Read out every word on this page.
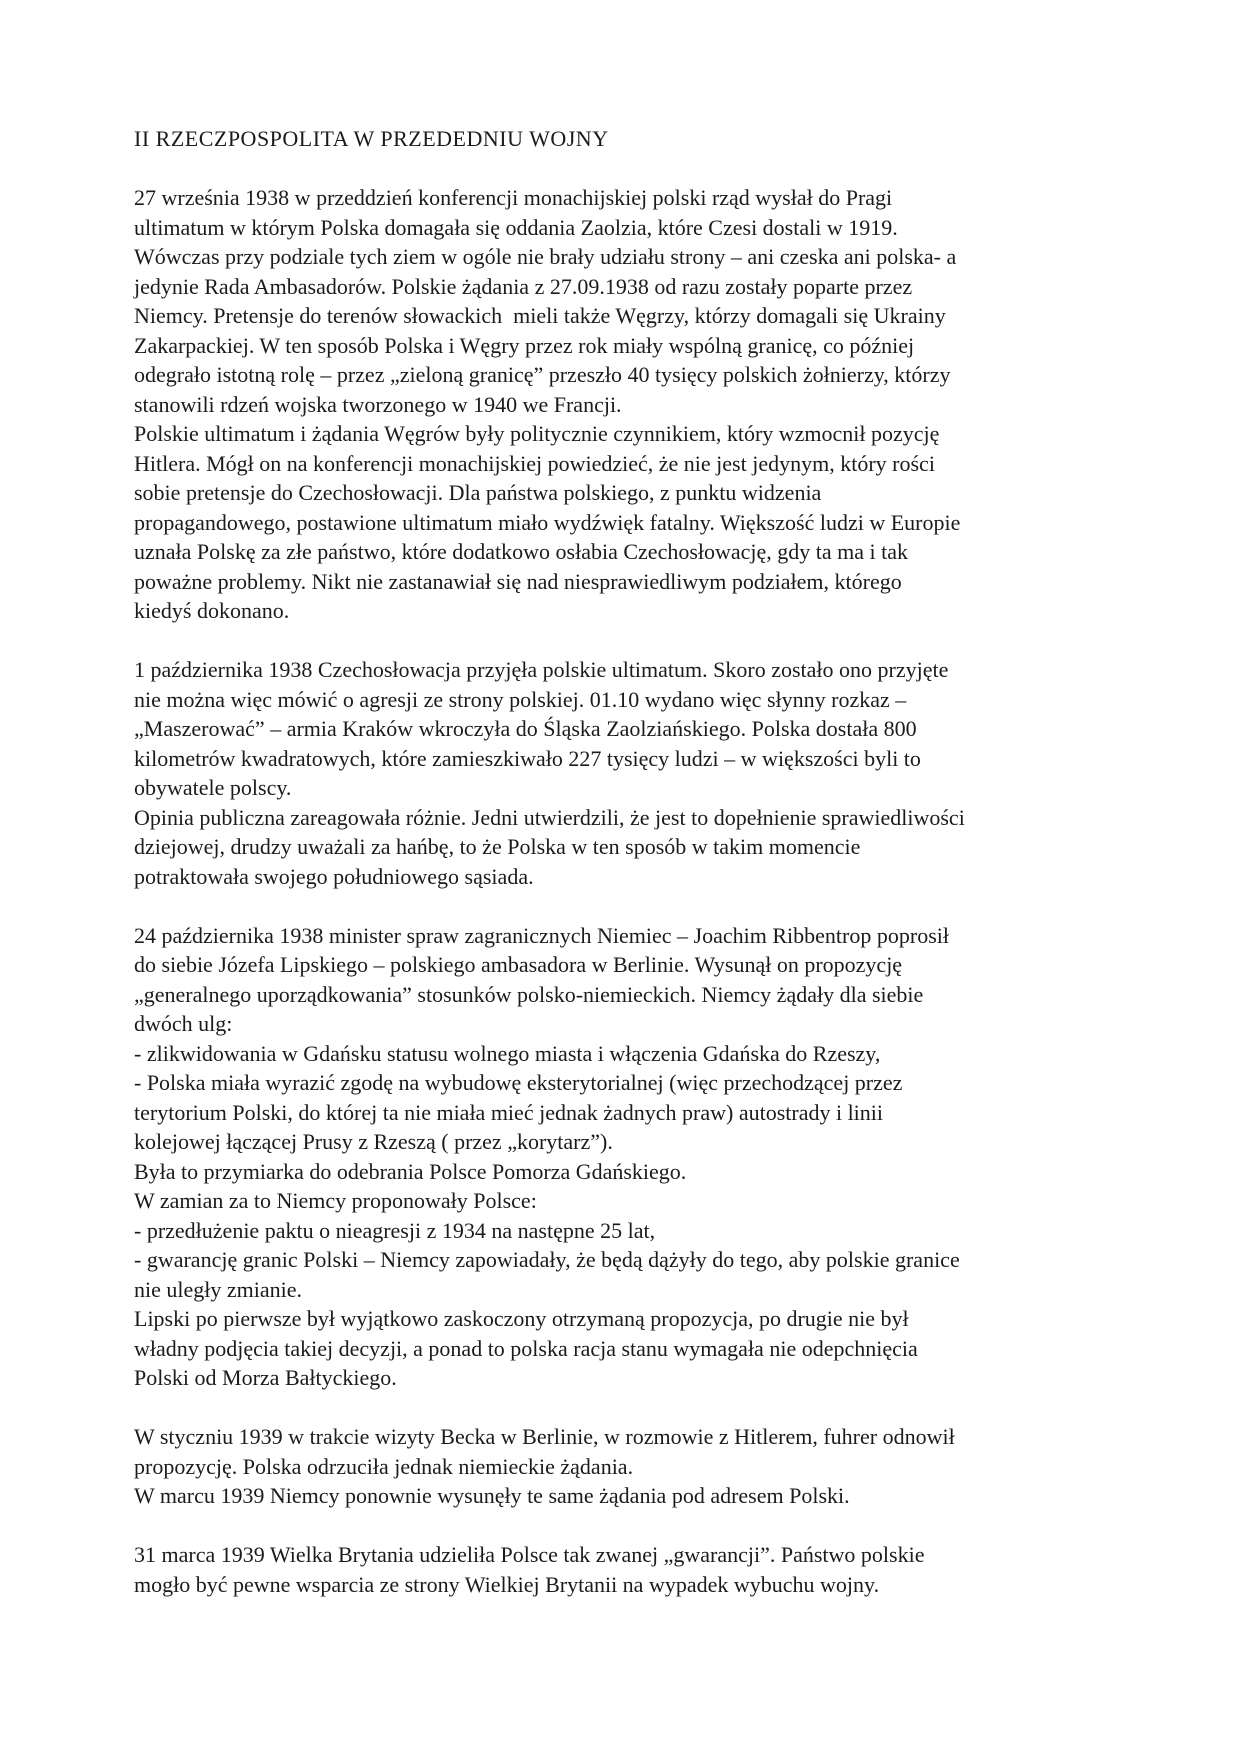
II RZECZPOSPOLITA W PRZEDEDNIU WOJNY
27 września 1938 w przeddzień konferencji monachijskiej polski rząd wysłał do Pragi
ultimatum w którym Polska domagała się oddania Zaolzia, które Czesi dostali w 1919.
Wówczas przy podziale tych ziem w ogóle nie brały udziału strony – ani czeska ani polska- a
jedynie Rada Ambasadorów. Polskie żądania z 27.09.1938 od razu zostały poparte przez
Niemcy. Pretensje do terenów słowackich  mieli także Węgrzy, którzy domagali się Ukrainy
Zakarpackiej. W ten sposób Polska i Węgry przez rok miały wspólną granicę, co później
odegrało istotną rolę – przez „zieloną granicę” przeszło 40 tysięcy polskich żołnierzy, którzy
stanowili rdzeń wojska tworzonego w 1940 we Francji.
Polskie ultimatum i żądania Węgrów były politycznie czynnikiem, który wzmocnił pozycję
Hitlera. Mógł on na konferencji monachijskiej powiedzieć, że nie jest jedynym, który rości
sobie pretensje do Czechosłowacji. Dla państwa polskiego, z punktu widzenia
propagandowego, postawione ultimatum miało wydźwięk fatalny. Większość ludzi w Europie
uznała Polskę za złe państwo, które dodatkowo osłabia Czechosłowację, gdy ta ma i tak
poważne problemy. Nikt nie zastanawiał się nad niesprawiedliwym podziałem, którego
kiedyś dokonano.
1 października 1938 Czechosłowacja przyjęła polskie ultimatum. Skoro zostało ono przyjęte
nie można więc mówić o agresji ze strony polskiej. 01.10 wydano więc słynny rozkaz –
„Maszerować” – armia Kraków wkroczyła do Śląska Zaolziańskiego. Polska dostała 800
kilometrów kwadratowych, które zamieszkiwało 227 tysięcy ludzi – w większości byli to
obywatele polscy.
Opinia publiczna zareagowała różnie. Jedni utwierdzili, że jest to dopełnienie sprawiedliwości
dziejowej, drudzy uważali za hańbę, to że Polska w ten sposób w takim momencie
potraktowała swojego południowego sąsiada.
24 października 1938 minister spraw zagranicznych Niemiec – Joachim Ribbentrop poprosił
do siebie Józefa Lipskiego – polskiego ambasadora w Berlinie. Wysunął on propozycję
„generalnego uporządkowania” stosunków polsko-niemieckich. Niemcy żądały dla siebie
dwóch ulg:
- zlikwidowania w Gdańsku statusu wolnego miasta i włączenia Gdańska do Rzeszy,
- Polska miała wyrazić zgodę na wybudowę eksterytorialnej (więc przechodzącej przez
terytorium Polski, do której ta nie miała mieć jednak żadnych praw) autostrady i linii
kolejowej łączącej Prusy z Rzeszą ( przez „korytarz”).
Była to przymiarka do odebrania Polsce Pomorza Gdańskiego.
W zamian za to Niemcy proponowały Polsce:
- przedłużenie paktu o nieagresji z 1934 na następne 25 lat,
- gwarancję granic Polski – Niemcy zapowiadały, że będą dążyły do tego, aby polskie granice
nie uległy zmianie.
Lipski po pierwsze był wyjątkowo zaskoczony otrzymaną propozycja, po drugie nie był
władny podjęcia takiej decyzji, a ponad to polska racja stanu wymagała nie odepchnięcia
Polski od Morza Bałtyckiego.
W styczniu 1939 w trakcie wizyty Becka w Berlinie, w rozmowie z Hitlerem, fuhrer odnowił
propozycję. Polska odrzuciła jednak niemieckie żądania.
W marcu 1939 Niemcy ponownie wysunęły te same żądania pod adresem Polski.
31 marca 1939 Wielka Brytania udzieliła Polsce tak zwanej „gwarancji”. Państwo polskie
mogło być pewne wsparcia ze strony Wielkiej Brytanii na wypadek wybuchu wojny.
